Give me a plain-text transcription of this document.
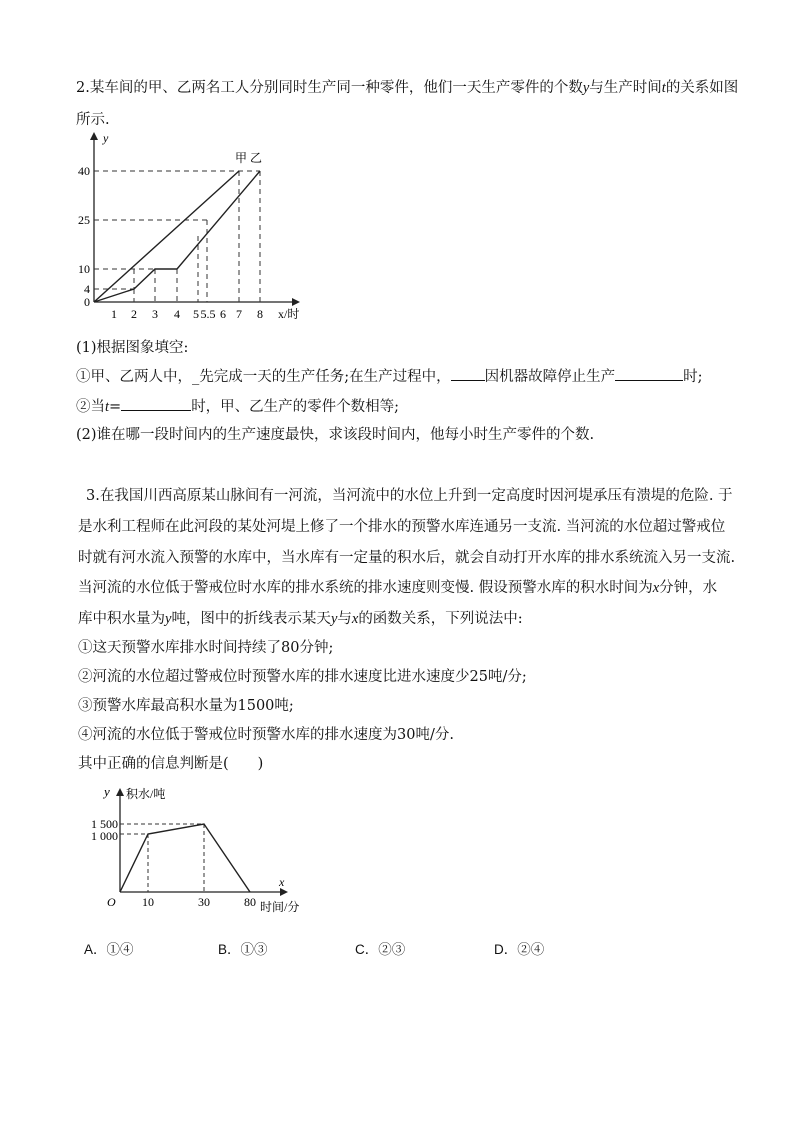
2.某车间的甲、乙两名工人分别同时生产同一种零件，他们一天生产零件的个数y与生产时间t的关系如图
所示.
甲 乙
y
x/时
40
25
10
4
0
1 2 3 4 5 5.5 6 7 8
(1)根据图象填空:
①甲、乙两人中，_先完成一天的生产任务;在生产过程中， 因机器故障停止生产	时;
②当t=	时，甲、乙生产的零件个数相等;
(2)谁在哪一段时间内的生产速度最快，求该段时间内，他每小时生产零件的个数.
3.在我国川西高原某山脉间有一河流，当河流中的水位上升到一定高度时因河堤承压有溃堤的危险. 于
是水利工程师在此河段的某处河堤上修了一个排水的预警水库连通另一支流. 当河流的水位超过警戒位
时就有河水流入预警的水库中，当水库有一定量的积水后，就会自动打开水库的排水系统流入另一支流.
当河流的水位低于警戒位时水库的排水系统的排水速度则变慢. 假设预警水库的积水时间为x分钟，水
库中积水量为y吨，图中的折线表示某天y与x的函数关系，下列说法中:
①这天预警水库排水时间持续了80分钟;
②河流的水位超过警戒位时预警水库的排水速度比进水速度少25吨/分;
③预警水库最高积水量为1500吨;
④河流的水位低于警戒位时预警水库的排水速度为30吨/分.
其中正确的信息判断是(　　)
y 积水/吨
x
时间/分
O
1 500
1 000
10	30	80
A．①④	B．①③	C．②③	D．②④
